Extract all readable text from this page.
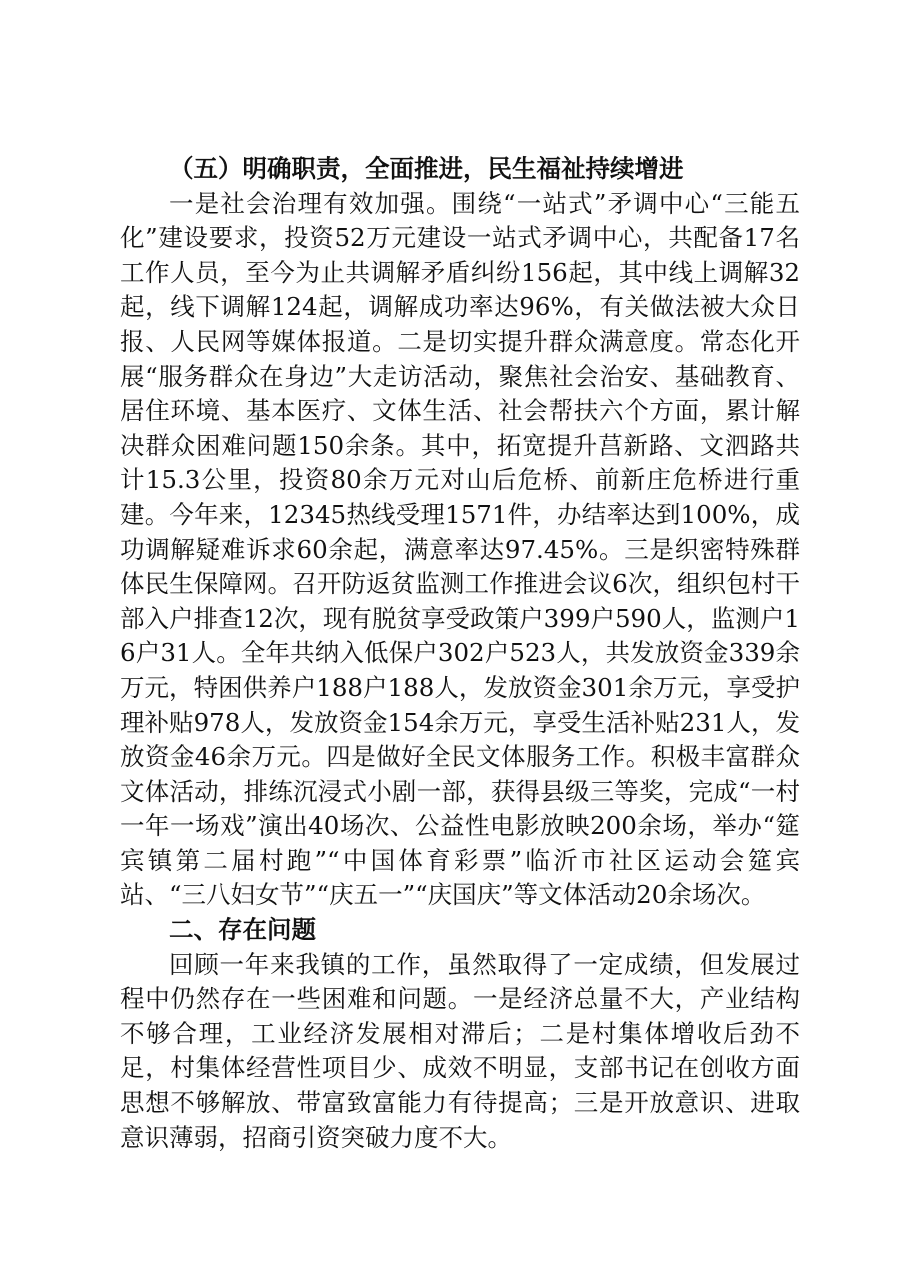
（五）明确职责，全面推进，民生福祉持续增进

一是社会治理有效加强。围绕“一站式”矛调中心“三能五化”建设要求，投资52万元建设一站式矛调中心，共配备17名工作人员，至今为止共调解矛盾纠纷156起，其中线上调解32起，线下调解124起，调解成功率达96%，有关做法被大众日报、人民网等媒体报道。二是切实提升群众满意度。常态化开展“服务群众在身边”大走访活动，聚焦社会治安、基础教育、居住环境、基本医疗、文体生活、社会帮扶六个方面，累计解决群众困难问题150余条。其中，拓宽提升莒新路、文泗路共计15.3公里，投资80余万元对山后危桥、前新庄危桥进行重建。今年来，12345热线受理1571件，办结率达到100%，成功调解疑难诉求60余起，满意率达97.45%。三是织密特殊群体民生保障网。召开防返贫监测工作推进会议6次，组织包村干部入户排查12次，现有脱贫享受政策户399户590人，监测户16户31人。全年共纳入低保户302户523人，共发放资金339余万元，特困供养户188户188人，发放资金301余万元，享受护理补贴978人，发放资金154余万元，享受生活补贴231人，发放资金46余万元。四是做好全民文体服务工作。积极丰富群众文体活动，排练沉浸式小剧一部，获得县级三等奖，完成“一村一年一场戏”演出40场次、公益性电影放映200余场，举办“筵宾镇第二届村跑”“中国体育彩票”临沂市社区运动会筵宾站、“三八妇女节”“庆五一”“庆国庆”等文体活动20余场次。

二、存在问题

回顾一年来我镇的工作，虽然取得了一定成绩，但发展过程中仍然存在一些困难和问题。一是经济总量不大，产业结构不够合理，工业经济发展相对滞后；二是村集体增收后劲不足，村集体经营性项目少、成效不明显，支部书记在创收方面思想不够解放、带富致富能力有待提高；三是开放意识、进取意识薄弱，招商引资突破力度不大。
